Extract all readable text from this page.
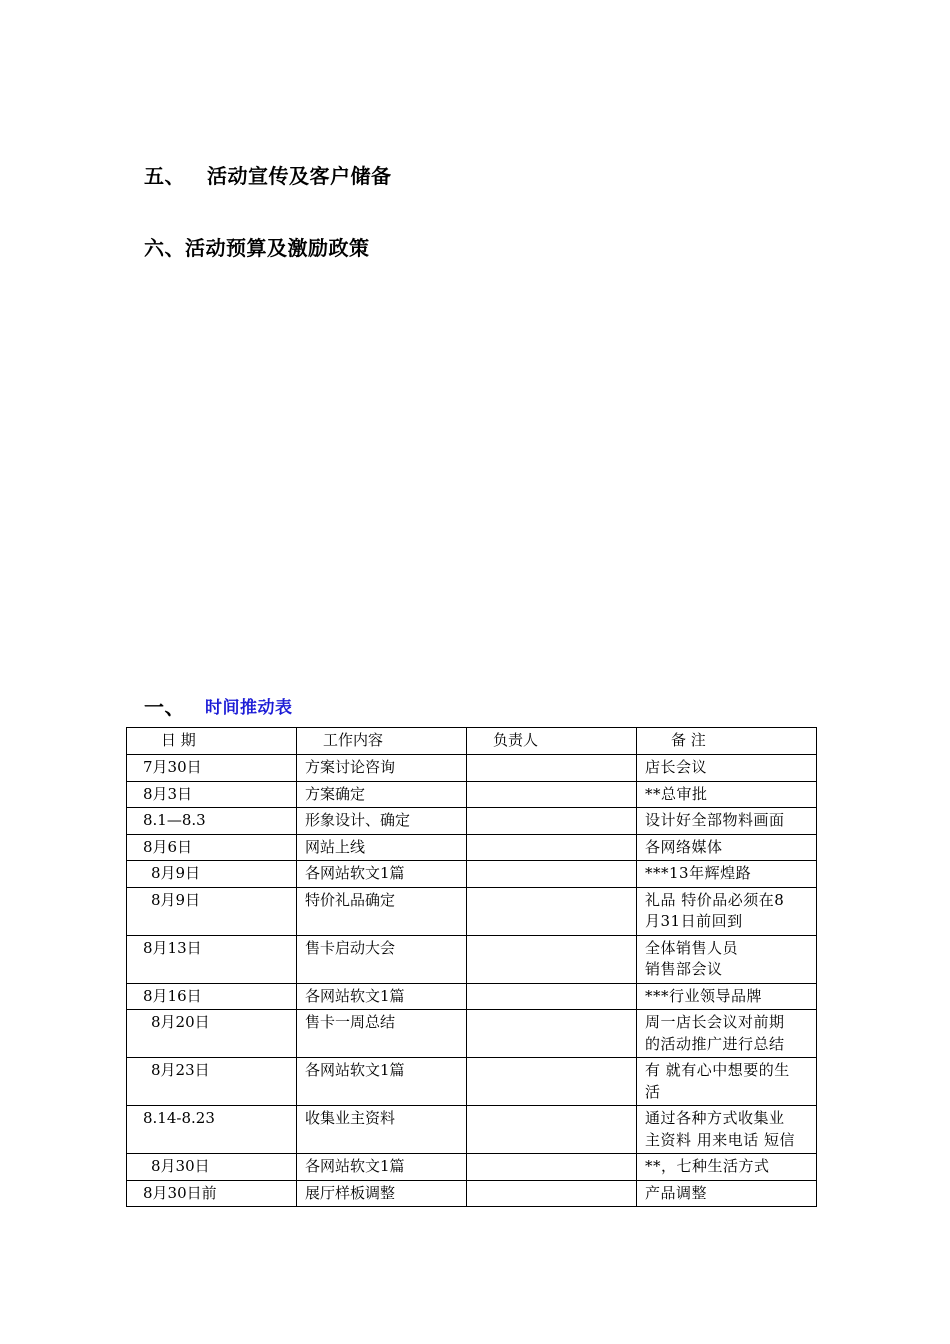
五、 活动宣传及客户储备
六、活动预算及激励政策
一、 时间推动表
日 期	工作内容	负责人	备 注
7月30日	方案讨论咨询		店长会议

8月3日	方案确定		**总审批

8.1—8.3	形象设计、确定		设计好全部物料画面

8月6日	网站上线		各网络媒体

8月9日	各网站软文1篇		***13年辉煌路

8月9日	特价礼品确定		礼品 特价品必须在8
月31日前回到

8月13日	售卡启动大会		全体销售人员
销售部会议

8月16日	各网站软文1篇		***行业领导品牌

8月20日	售卡一周总结		周一店长会议对前期
的活动推广进行总结

8月23日	各网站软文1篇		有 就有心中想要的生
活

8.14-8.23	收集业主资料		通过各种方式收集业
主资料 用来电话 短信

8月30日	各网站软文1篇		**，七种生活方式

8月30日前	展厅样板调整		产品调整
